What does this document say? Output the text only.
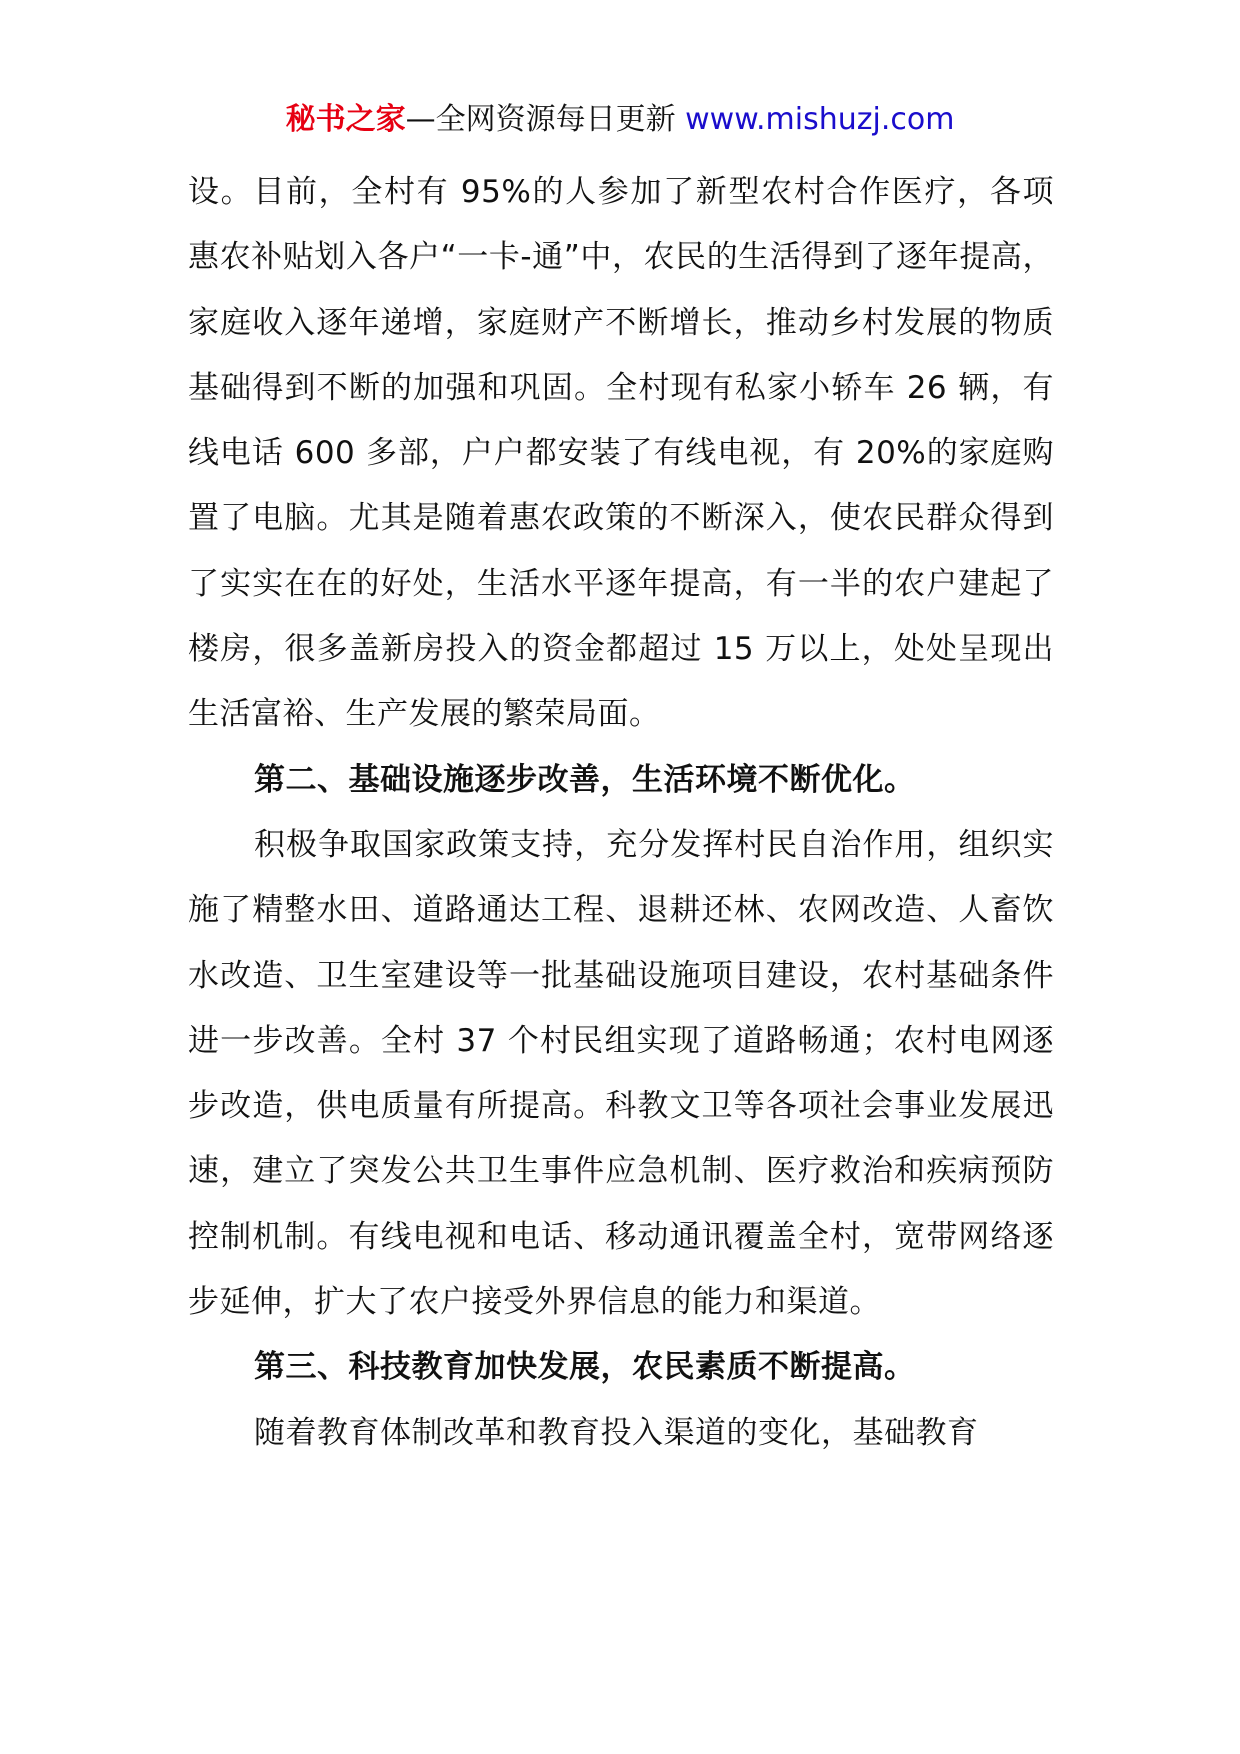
秘书之家—全网资源每日更新 www.mishuzj.com

设。目前，全村有 95%的人参加了新型农村合作医疗，各项惠农补贴划入各户“一卡-通”中，农民的生活得到了逐年提高，家庭收入逐年递增，家庭财产不断增长，推动乡村发展的物质基础得到不断的加强和巩固。全村现有私家小轿车 26 辆，有线电话 600 多部，户户都安装了有线电视，有 20%的家庭购置了电脑。尤其是随着惠农政策的不断深入，使农民群众得到了实实在在的好处，生活水平逐年提高，有一半的农户建起了楼房，很多盖新房投入的资金都超过 15 万以上，处处呈现出生活富裕、生产发展的繁荣局面。

第二、基础设施逐步改善，生活环境不断优化。

积极争取国家政策支持，充分发挥村民自治作用，组织实施了精整水田、道路通达工程、退耕还林、农网改造、人畜饮水改造、卫生室建设等一批基础设施项目建设，农村基础条件进一步改善。全村 37 个村民组实现了道路畅通；农村电网逐步改造，供电质量有所提高。科教文卫等各项社会事业发展迅速，建立了突发公共卫生事件应急机制、医疗救治和疾病预防控制机制。有线电视和电话、移动通讯覆盖全村，宽带网络逐步延伸，扩大了农户接受外界信息的能力和渠道。

第三、科技教育加快发展，农民素质不断提高。

随着教育体制改革和教育投入渠道的变化，基础教育
